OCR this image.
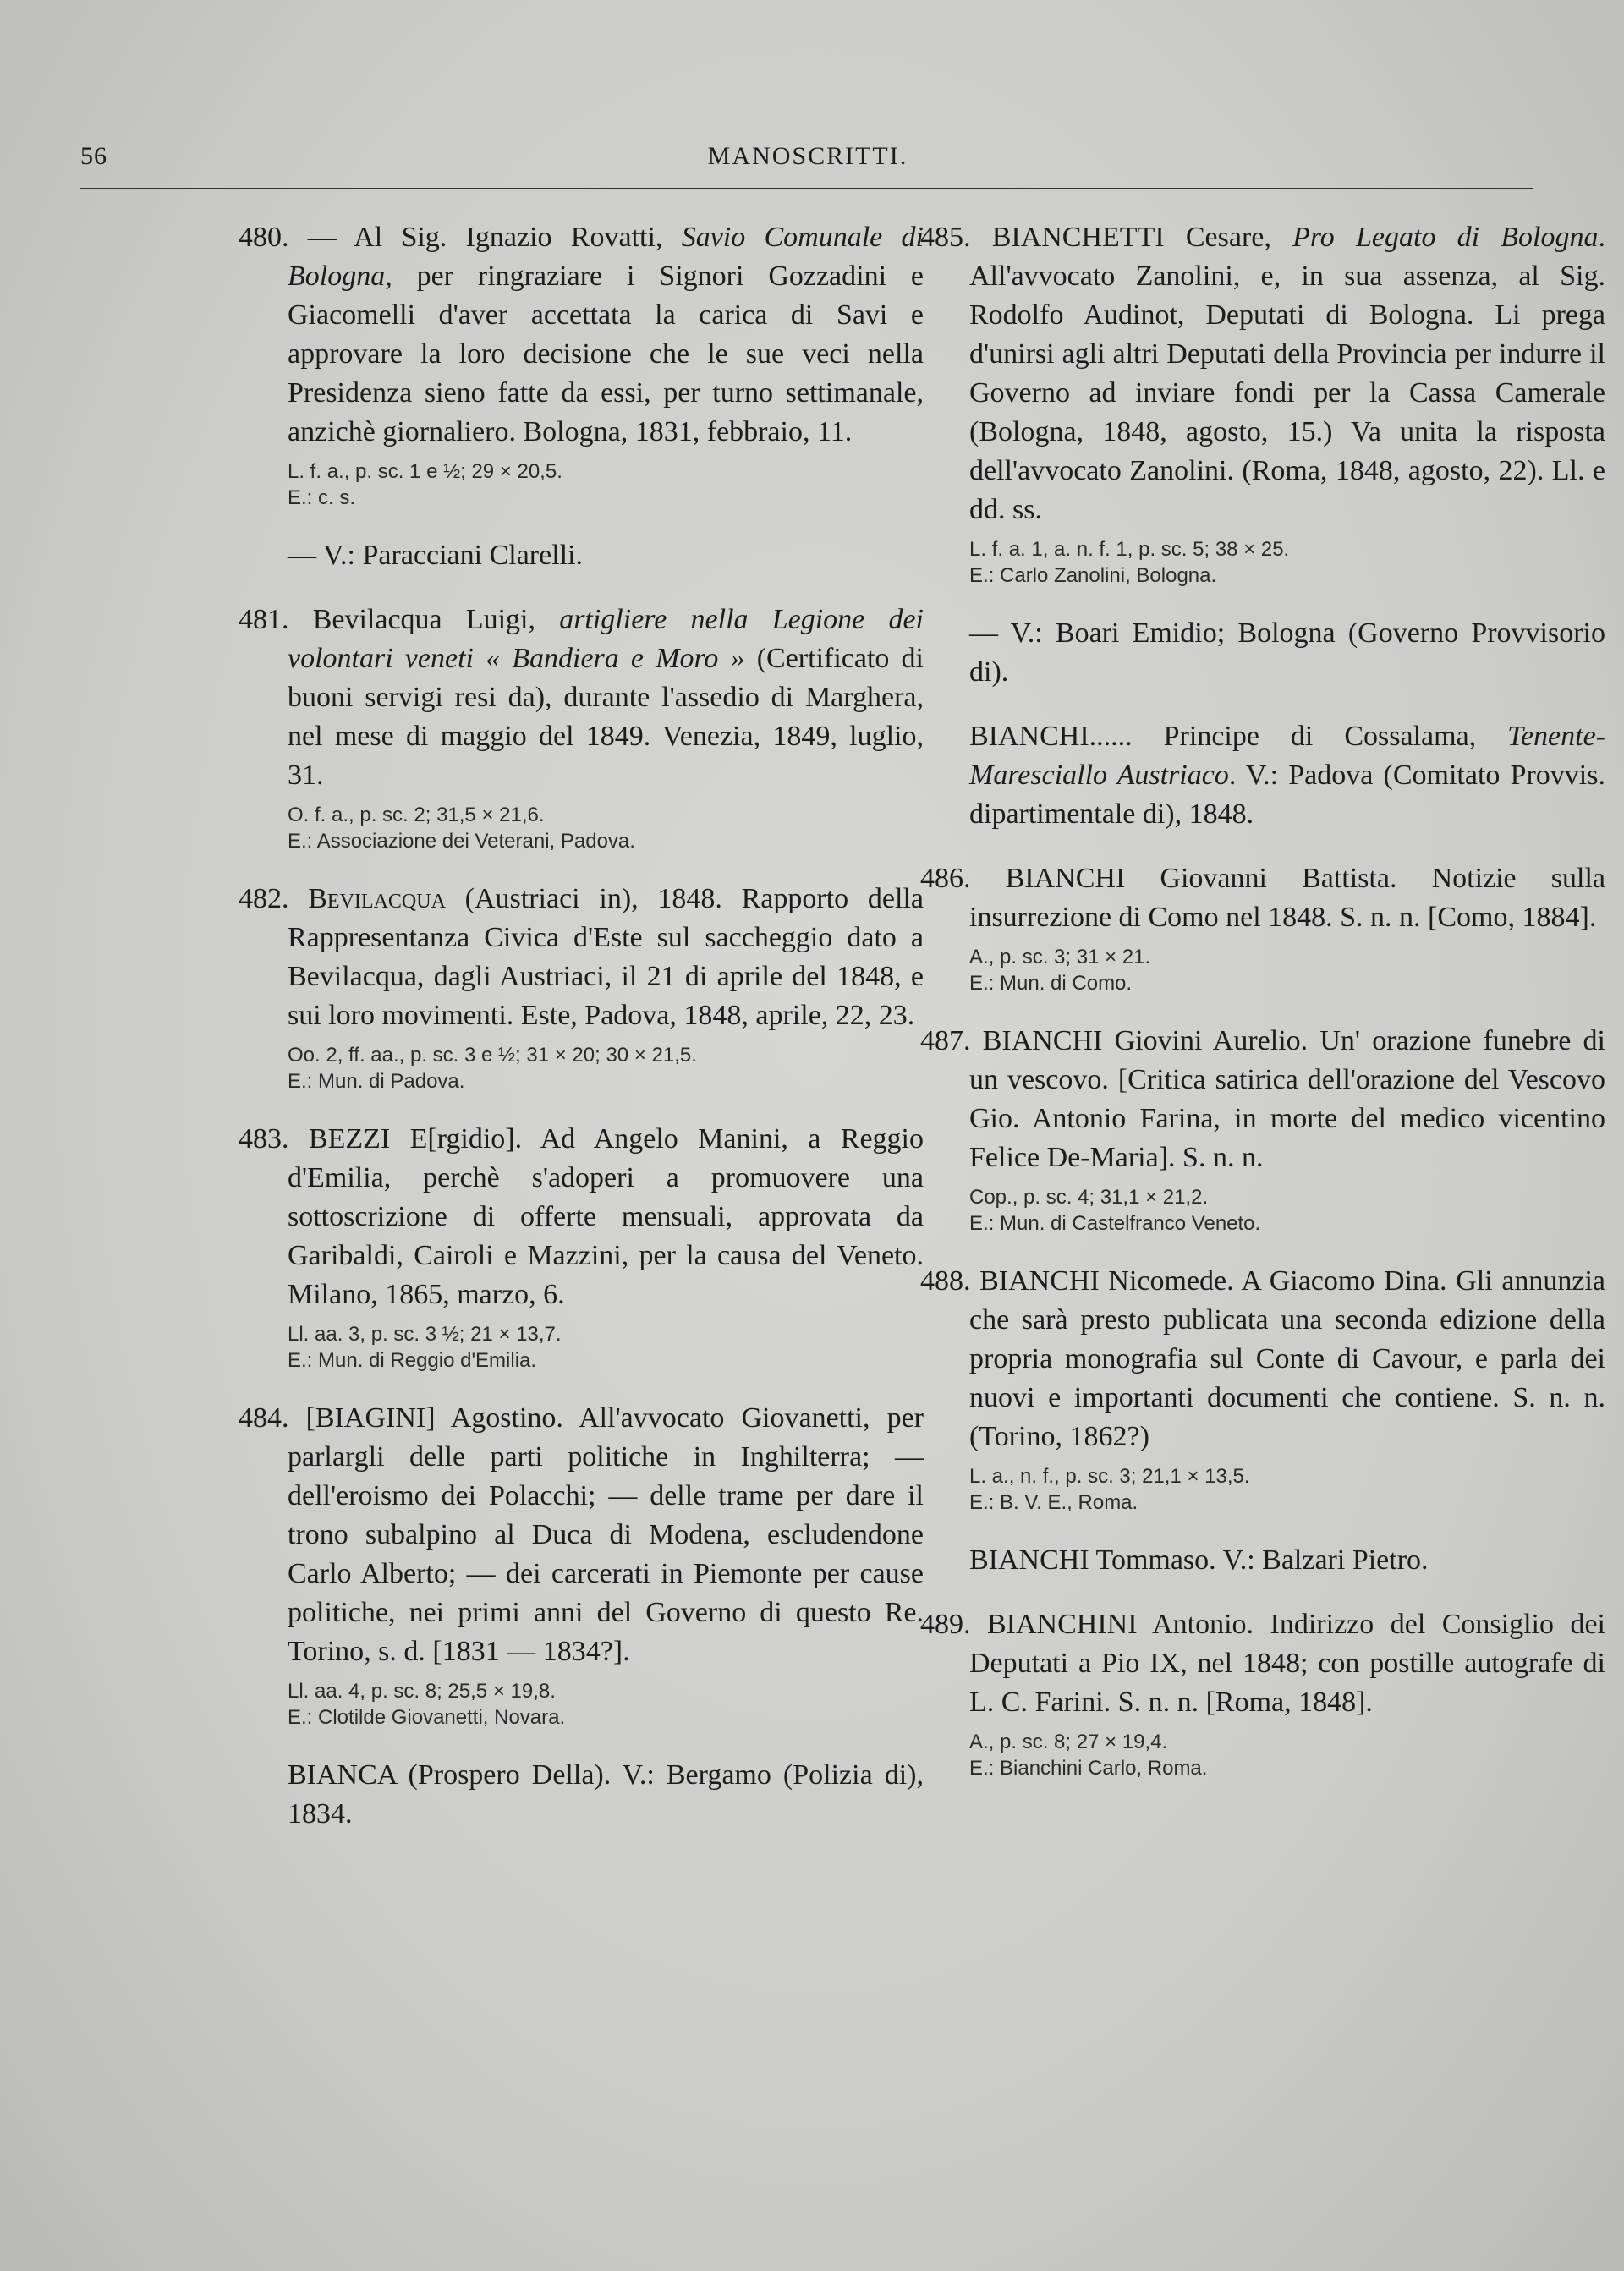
56	MANOSCRITTI.
480. — Al Sig. Ignazio Rovatti, Savio Comunale di Bologna, per ringraziare i Signori Gozzadini e Giacomelli d'aver accettata la carica di Savi e approvare la loro decisione che le sue veci nella Presidenza sieno fatte da essi, per turno settimanale, anzichè giornaliero. Bologna, 1831, febbraio, 11.
L. f. a., p. sc. 1 e ½; 29 × 20,5.
E.: c. s.
— V.: Paracciani Clarelli.
481. Bevilacqua Luigi, artigliere nella Legione dei volontari veneti « Bandiera e Moro » (Certificato di buoni servigi resi da), durante l'assedio di Marghera, nel mese di maggio del 1849. Venezia, 1849, luglio, 31.
O. f. a., p. sc. 2; 31,5 × 21,6.
E.: Associazione dei Veterani, Padova.
482. Bevilacqua (Austriaci in), 1848. Rapporto della Rappresentanza Civica d'Este sul saccheggio dato a Bevilacqua, dagli Austriaci, il 21 di aprile del 1848, e sui loro movimenti. Este, Padova, 1848, aprile, 22, 23.
Oo. 2, ff. aa., p. sc. 3 e ½; 31 × 20; 30 × 21,5.
E.: Mun. di Padova.
483. BEZZI E[rgidio]. Ad Angelo Manini, a Reggio d'Emilia, perchè s'adoperi a promuovere una sottoscrizione di offerte mensuali, approvata da Garibaldi, Cairoli e Mazzini, per la causa del Veneto. Milano, 1865, marzo, 6.
Ll. aa. 3, p. sc. 3 ½; 21 × 13,7.
E.: Mun. di Reggio d'Emilia.
484. [BIAGINI] Agostino. All'avvocato Giovanetti, per parlargli delle parti politiche in Inghilterra; — dell'eroismo dei Polacchi; — delle trame per dare il trono subalpino al Duca di Modena, escludendone Carlo Alberto; — dei carcerati in Piemonte per cause politiche, nei primi anni del Governo di questo Re. Torino, s. d. [1831 — 1834?].
Ll. aa. 4, p. sc. 8; 25,5 × 19,8.
E.: Clotilde Giovanetti, Novara.
BIANCA (Prospero Della). V.: Bergamo (Polizia di), 1834.
485. BIANCHETTI Cesare, Pro Legato di Bologna. All'avvocato Zanolini, e, in sua assenza, al Sig. Rodolfo Audinot, Deputati di Bologna. Li prega d'unirsi agli altri Deputati della Provincia per indurre il Governo ad inviare fondi per la Cassa Camerale (Bologna, 1848, agosto, 15.) Va unita la risposta dell'avvocato Zanolini. (Roma, 1848, agosto, 22). Ll. e dd. ss.
L. f. a. 1, a. n. f. 1, p. sc. 5; 38 × 25.
E.: Carlo Zanolini, Bologna.
— V.: Boari Emidio; Bologna (Governo Provvisorio di).
BIANCHI...... Principe di Cossalama, Tenente-Maresciallo Austriaco. V.: Padova (Comitato Provvis. dipartimentale di), 1848.
486. BIANCHI Giovanni Battista. Notizie sulla insurrezione di Como nel 1848. S. n. n. [Como, 1884].
A., p. sc. 3; 31 × 21.
E.: Mun. di Como.
487. BIANCHI Giovini Aurelio. Un' orazione funebre di un vescovo. [Critica satirica dell'orazione del Vescovo Gio. Antonio Farina, in morte del medico vicentino Felice De-Maria]. S. n. n.
Cop., p. sc. 4; 31,1 × 21,2.
E.: Mun. di Castelfranco Veneto.
488. BIANCHI Nicomede. A Giacomo Dina. Gli annunzia che sarà presto publicata una seconda edizione della propria monografia sul Conte di Cavour, e parla dei nuovi e importanti documenti che contiene. S. n. n. (Torino, 1862?)
L. a., n. f., p. sc. 3; 21,1 × 13,5.
E.: B. V. E., Roma.
BIANCHI Tommaso. V.: Balzari Pietro.
489. BIANCHINI Antonio. Indirizzo del Consiglio dei Deputati a Pio IX, nel 1848; con postille autografe di L. C. Farini. S. n. n. [Roma, 1848].
A., p. sc. 8; 27 × 19,4.
E.: Bianchini Carlo, Roma.
